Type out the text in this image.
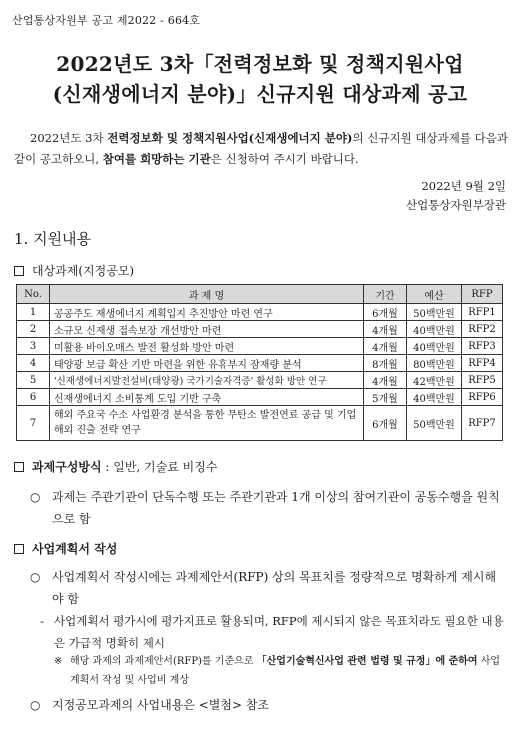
산업통상자원부 공고 제2022 - 664호
2022년도 3차「전력정보화 및 정책지원사업
(신재생에너지 분야)」신규지원 대상과제 공고
2022년도 3차 전력정보화 및 정책지원사업(신재생에너지 분야)의 신규지원 대상과제를 다음과 같이 공고하오니, 참여를 희망하는 기관은 신청하여 주시기 바랍니다.
2022년 9월 2일
산업통상자원부장관
1. 지원내용
대상과제(지정공모)
No.	과 제 명	기간	예산	RFP
1	공공주도 재생에너지 계획입지 추진방안 마련 연구	6개월	50백만원	RFP1
2	소규모 신재생 접속보장 개선방안 마련	4개월	40백만원	RFP2
3	미활용 바이오매스 발전 활성화 방안 마련	4개월	40백만원	RFP3
4	태양광 보급 확산 기반 마련을 위한 유휴부지 잠재량 분석	8개월	80백만원	RFP4
5	'신재생에너지발전설비(태양광) 국가기술자격증' 활성화 방안 연구	4개월	42백만원	RFP5
6	신재생에너지 소비통계 도입 기반 구축	5개월	40백만원	RFP6
7	해외 주요국 수소 사업환경 분석을 통한 무탄소 발전연료 공급 및 기업 해외 진출 전략 연구	6개월	50백만원	RFP7
과제구성방식 : 일반, 기술료 비징수
○ 과제는 주관기관이 단독수행 또는 주관기관과 1개 이상의 참여기관이 공동수행을 원칙으로 함
사업계획서 작성
○ 사업계획서 작성시에는 과제제안서(RFP) 상의 목표치를 정량적으로 명확하게 제시해야 함
- 사업계획서 평가시에 평가지표로 활용되며, RFP에 제시되지 않은 목표치라도 필요한 내용은 가급적 명확히 제시
※ 해당 과제의 과제제안서(RFP)를 기준으로 「산업기술혁신사업 관련 법령 및 규정」에 준하여 사업계획서 작성 및 사업비 계상
○ 지정공모과제의 사업내용은 <별첨> 참조
